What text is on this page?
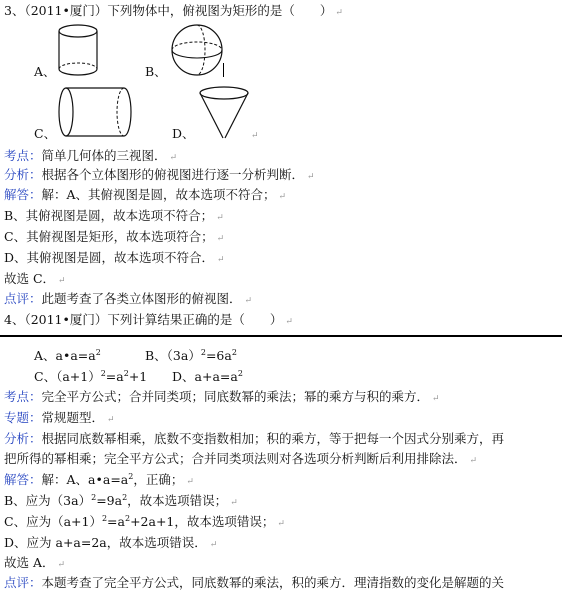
3、（2011•厦门）下列物体中，俯视图为矩形的是（　　） ↵
A、	B、
C、	D、	↵
考点：简单几何体的三视图． ↵
分析：根据各个立体图形的俯视图进行逐一分析判断． ↵
解答：解：A、其俯视图是圆，故本选项不符合； ↵
B、其俯视图是圆，故本选项不符合； ↵
C、其俯视图是矩形，故本选项符合； ↵
D、其俯视图是圆，故本选项不符合． ↵
故选 C． ↵
点评：此题考查了各类立体图形的俯视图． ↵
4、（2011•厦门）下列计算结果正确的是（　　） ↵
A、$a•a=a^2$	B、$(3a)^2=6a^2$
C、$(a+1)^2=a^2+1$ D、$a+a=a^2$
考点：完全平方公式；合并同类项；同底数幂的乘法；幂的乘方与积的乘方． ↵
专题：常规题型． ↵
分析：根据同底数幂相乘，底数不变指数相加；积的乘方，等于把每一个因式分别乘方，再
把所得的幂相乘；完全平方公式；合并同类项法则对各选项分析判断后利用排除法． ↵
解答：解：A、$a•a=a^2$，正确； ↵
B、应为$(3a)^2=9a^2$，故本选项错误； ↵
C、应为$(a+1)^2=a^2+2a+1$，故本选项错误； ↵
D、应为 a+a=2a，故本选项错误． ↵
故选 A． ↵
点评：本题考查了完全平方公式，同底数幂的乘法，积的乘方．理清指数的变化是解题的关
